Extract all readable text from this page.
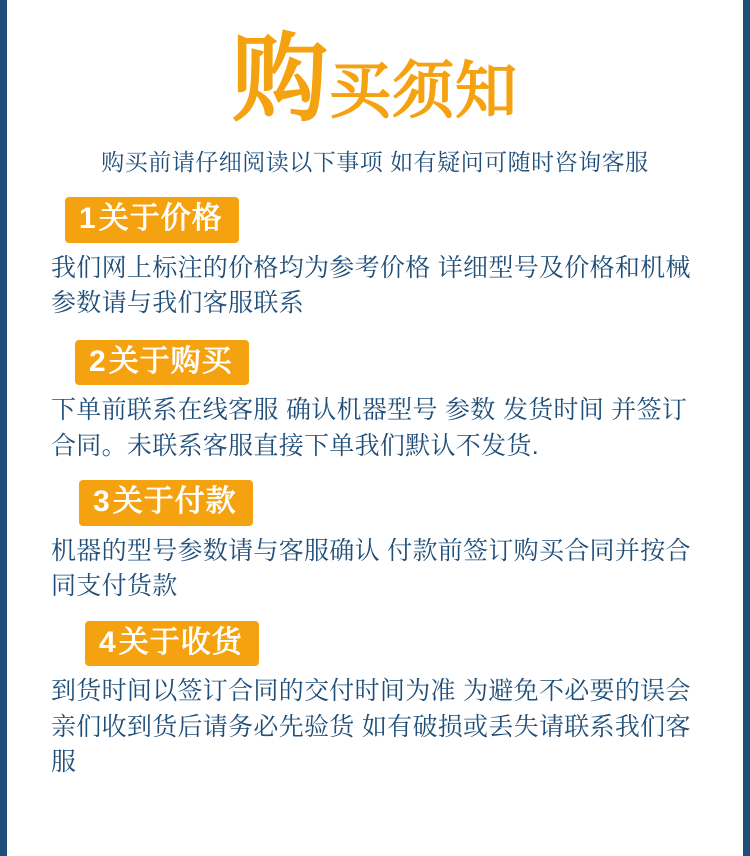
购买须知
购买前请仔细阅读以下事项 如有疑问可随时咨询客服
1关于价格
我们网上标注的价格均为参考价格 详细型号及价格和机械参数请与我们客服联系
2关于购买
下单前联系在线客服 确认机器型号 参数 发货时间 并签订合同。未联系客服直接下单我们默认不发货.
3关于付款
机器的型号参数请与客服确认 付款前签订购买合同并按合同支付货款
4关于收货
到货时间以签订合同的交付时间为准 为避免不必要的误会 亲们收到货后请务必先验货 如有破损或丢失请联系我们客服
